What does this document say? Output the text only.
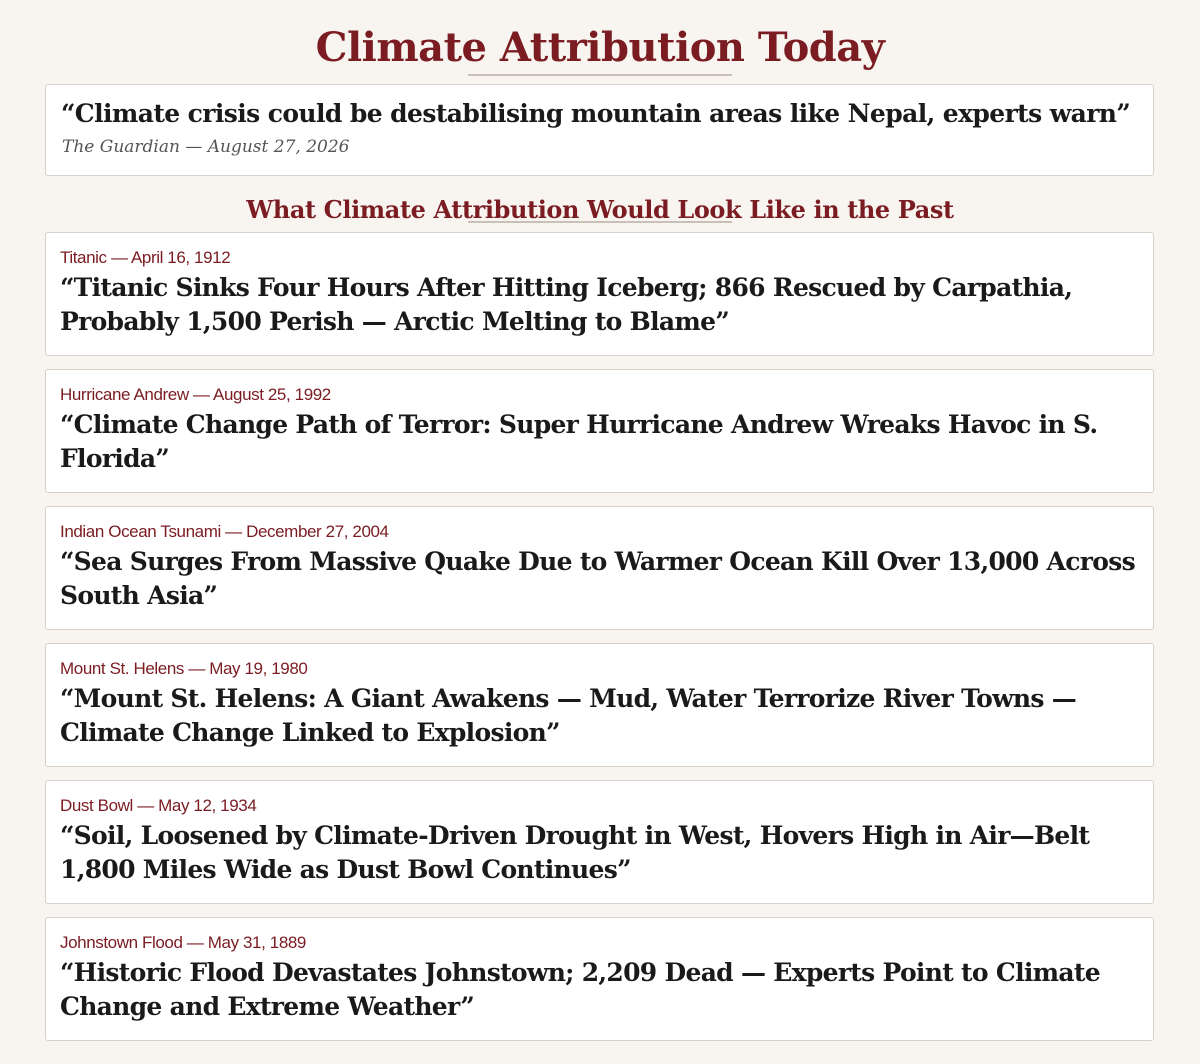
Climate Attribution Today
“Climate crisis could be destabilising mountain areas like Nepal, experts warn”
The Guardian — August 27, 2026
What Climate Attribution Would Look Like in the Past
Titanic — April 16, 1912
“Titanic Sinks Four Hours After Hitting Iceberg; 866 Rescued by Carpathia, Probably 1,500 Perish — Arctic Melting to Blame”
Hurricane Andrew — August 25, 1992
“Climate Change Path of Terror: Super Hurricane Andrew Wreaks Havoc in S. Florida”
Indian Ocean Tsunami — December 27, 2004
“Sea Surges From Massive Quake Due to Warmer Ocean Kill Over 13,000 Across South Asia”
Mount St. Helens — May 19, 1980
“Mount St. Helens: A Giant Awakens — Mud, Water Terrorize River Towns — Climate Change Linked to Explosion”
Dust Bowl — May 12, 1934
“Soil, Loosened by Climate-Driven Drought in West, Hovers High in Air—Belt 1,800 Miles Wide as Dust Bowl Continues”
Johnstown Flood — May 31, 1889
“Historic Flood Devastates Johnstown; 2,209 Dead — Experts Point to Climate Change and Extreme Weather”
